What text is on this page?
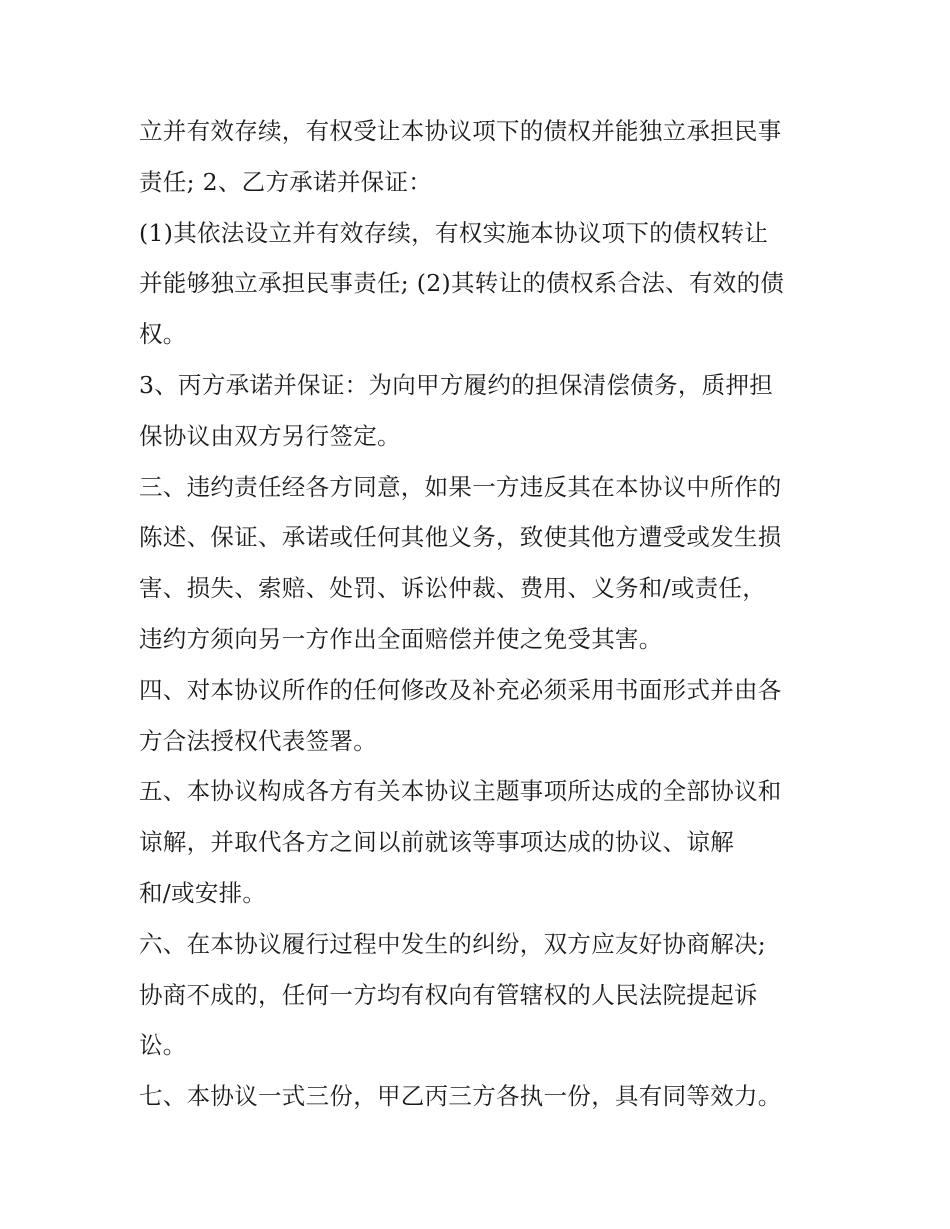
立并有效存续，有权受让本协议项下的债权并能独立承担民事
责任; 2、乙方承诺并保证：
(1)其依法设立并有效存续，有权实施本协议项下的债权转让
并能够独立承担民事责任; (2)其转让的债权系合法、有效的债
权。
3、丙方承诺并保证：为向甲方履约的担保清偿债务，质押担
保协议由双方另行签定。
三、违约责任经各方同意，如果一方违反其在本协议中所作的
陈述、保证、承诺或任何其他义务，致使其他方遭受或发生损
害、损失、索赔、处罚、诉讼仲裁、费用、义务和/或责任，
违约方须向另一方作出全面赔偿并使之免受其害。
四、对本协议所作的任何修改及补充必须采用书面形式并由各
方合法授权代表签署。
五、本协议构成各方有关本协议主题事项所达成的全部协议和
谅解，并取代各方之间以前就该等事项达成的协议、谅解
和/或安排。
六、在本协议履行过程中发生的纠纷，双方应友好协商解决;
协商不成的，任何一方均有权向有管辖权的人民法院提起诉
讼。
七、本协议一式三份，甲乙丙三方各执一份，具有同等效力。
